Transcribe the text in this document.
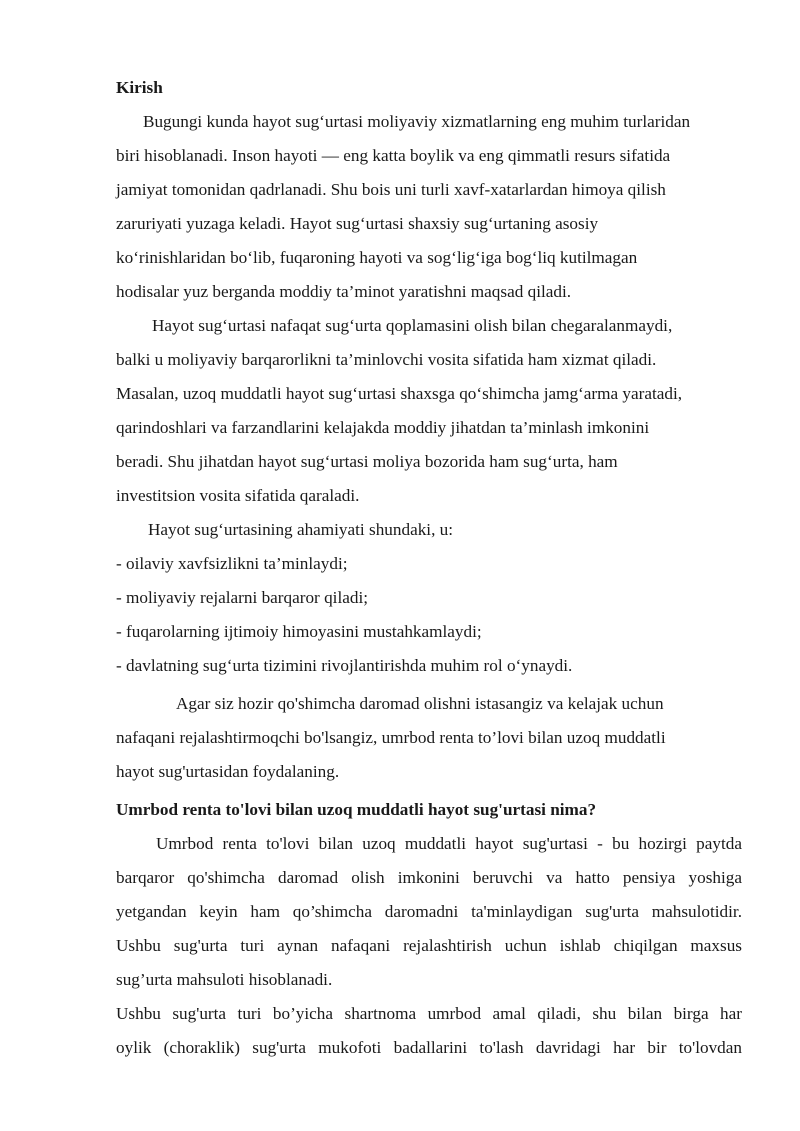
Kirish
Bugungi kunda hayot sug‘urtasi moliyaviy xizmatlarning eng muhim turlaridan
biri hisoblanadi. Inson hayoti — eng katta boylik va eng qimmatli resurs sifatida
jamiyat tomonidan qadrlanadi. Shu bois uni turli xavf-xatarlardan himoya qilish
zaruriyati yuzaga keladi. Hayot sug‘urtasi shaxsiy sug‘urtaning asosiy
ko‘rinishlaridan bo‘lib, fuqaroning hayoti va sog‘lig‘iga bog‘liq kutilmagan
hodisalar yuz berganda moddiy ta’minot yaratishni maqsad qiladi.
Hayot sug‘urtasi nafaqat sug‘urta qoplamasini olish bilan chegaralanmaydi,
balki u moliyaviy barqarorlikni ta’minlovchi vosita sifatida ham xizmat qiladi.
Masalan, uzoq muddatli hayot sug‘urtasi shaxsga qo‘shimcha jamg‘arma yaratadi,
qarindoshlari va farzandlarini kelajakda moddiy jihatdan ta’minlash imkonini
beradi. Shu jihatdan hayot sug‘urtasi moliya bozorida ham sug‘urta, ham
investitsion vosita sifatida qaraladi.
Hayot sug‘urtasining ahamiyati shundaki, u:
- oilaviy xavfsizlikni ta’minlaydi;
- moliyaviy rejalarni barqaror qiladi;
- fuqarolarning ijtimoiy himoyasini mustahkamlaydi;
- davlatning sug‘urta tizimini rivojlantirishda muhim rol o‘ynaydi.
Agar siz hozir qo'shimcha daromad olishni istasangiz va kelajak uchun
nafaqani rejalashtirmoqchi bo'lsangiz, umrbod renta to’lovi bilan uzoq muddatli
hayot sug'urtasidan foydalaning.
Umrbod renta to'lovi bilan uzoq muddatli hayot sug'urtasi nima?
Umrbod renta to'lovi bilan uzoq muddatli hayot sug'urtasi - bu hozirgi paytda
barqaror qo'shimcha daromad olish imkonini beruvchi va hatto pensiya yoshiga
yetgandan keyin ham qo’shimcha daromadni ta'minlaydigan sug'urta mahsulotidir.
Ushbu sug'urta turi aynan nafaqani rejalashtirish uchun ishlab chiqilgan maxsus
sug’urta mahsuloti hisoblanadi.
Ushbu sug'urta turi bo’yicha shartnoma umrbod amal qiladi, shu bilan birga har
oylik (choraklik) sug'urta mukofoti badallarini to'lash davridagi har bir to'lovdan
